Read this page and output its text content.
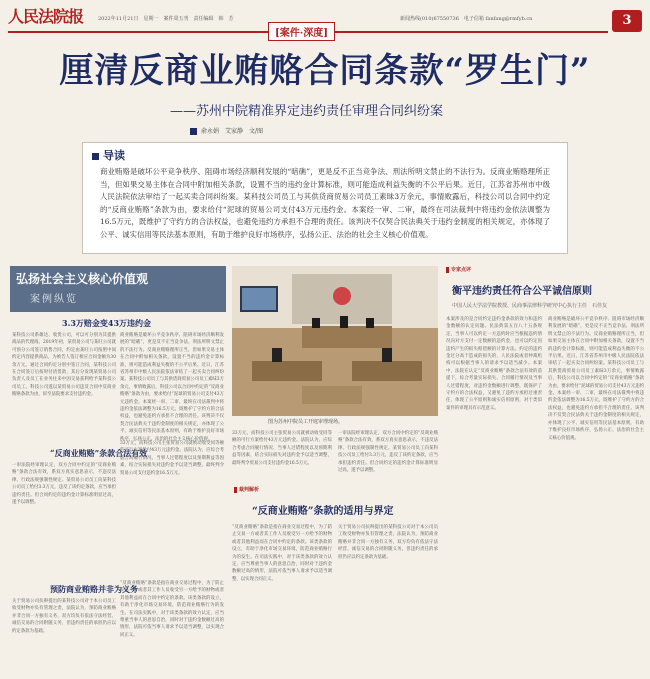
人民法院报	2022年11月21日　星期一　案件周五刊　责任编辑　韩　芳	新闻热线(010)67550736　电子信箱 fanfang@rmfyb.cn	3
[案件·深度]
厘清反商业贿赂合同条款“罗生门”
——苏州中院精准界定违约责任审理合同纠纷案
俞永娟　艾家静　文/图
导读
商业贿赂是破坏公平竞争秩序、阻碍市场经济顺利发展的“暗礁”，更是反不正当竞争法、刑法所明文禁止的不法行为。反商业贿赂理所正当，但如果交易主体在合同中附加相关条款，设置不当的违约金计算标准，则可能造成利益失衡的不公平后果。近日，江苏省苏州市中级人民法院依法审结了一起买卖合同纠纷案。某科技公司员工与其供货商贸易公司员工素昧3万余元，事情败露后，科技公司以合同中约定的“反商业贿赂”条款为由，要求给付“泥球的贸易公司支付43万元违约金。本案经一审、二审，最终在司法裁判中将违约金依法调整为16.5万元，既维护了守约方的合法权益，也避免违约方承担不合理的责任。该判决不仅契合民法典关于违约金制度的相关规定，亦体现了公平、诚实信用等民法基本原则，有助于维护良好市场秩序，弘扬公正、法治的社会主义核心价值观。
弘扬社会主义核心价值观
案例纵览
3.3万赔金变43万违约金
某科技公司系雄达、收货公司，可以可分别为其提供商品的代理商。2019年初，某贸易公司与某旺公司就可预分公司签订销售合同，约定由某旺公司按照中间约定内容提供商品，为被告人签订相应合同金额为30余万元。通过合同约定分别中签订合同，某科技公司在合同签订后按时付清货款，其后分发现某贸易公司负责人及员工在业务往来中因交易获利给予某科技公司员工。科技公司遂以某贸易公司违反合同中反商业贿赂条款为由，诉至法院要求支付违约金。
商业贿赂是破坏公平竞争秩序、阻碍市场经济顺利发展的“暗礁”，更是反不正当竞争法、刑法所明文禁止的不法行为。反商业贿赂理所正当，但如果交易主体在合同中附加相关条款，设置不当的违约金计算标准，则可能造成利益失衡的不公平后果。近日，江苏省苏州市中级人民法院依法审结了一起买卖合同纠纷案。某科技公司员工与其供货商贸易公司员工素昧3万余元，事情败露后，科技公司以合同中约定的“反商业贿赂”条款为由，要求给付“泥球的贸易公司支付43万元违约金。本案经一审、二审，最终在司法裁判中将违约金依法调整为16.5万元，既维护了守约方的合法权益，也避免违约方承担不合理的责任。该判决不仅契合民法典关于违约金制度的相关规定，亦体现了公平、诚实信用等民法基本原则，有助于维护良好市场秩序，弘扬公正、法治的社会主义核心价值观。
“反商业贿赂”条款合法有效
一审法院经审理认定，双方合同中约定的“反商业贿赂”条款合法有效，系双方真实意思表示，不违反法律、行政法规强制性规定。某贸易公司员工向某科技公司员工给付3.3万元，违反了该约定条款，应当承担违约责任。但合同约定的违约金计算标准明显过高，遂予以调整。
33万元，而科技公司主张贸易公司就被动收受同等额的可行方案给付43万元违约金。法院认为，应综合考虑合同履行情况、当事人过错程度以及预期利益等因素，结合实际损失对违约金予以适当调整，最终判令贸易公司支付违约金16.5万元。
预防商业贿赂并非为义务
关于贸易公司抗辩提出的某科技公司对于本公司员工收受财物亦负有管理之责，法院认为，预防商业贿赂并非合同一方独有义务，双方均负有依法守法经营、诚信交易的合同附随义务，但违约责任的承担仍应以约定条款为基础。
“反商业贿赂”条款是指在商业交易过程中，为了防止交易一方或者其工作人员收受另一方给予的财物或者其他利益而在合同中约定的条款。该类条款的设立，有助于净化市场交易环境，防范商业贿赂行为的发生。在司法实践中，对于该类条款的效力认定，应当尊重当事人的意思自治，同时对于违约金数额过高的情形，法院可依当事人请求予以适当调整，以实现合同正义。
图为苏州中院员工开庭审理现场。
33万元，而科技公司主张贸易公司就被动收受同等额的可行方案给付43万元违约金。法院认为，应综合考虑合同履行情况、当事人过错程度以及预期利益等因素，结合实际损失对违约金予以适当调整，最终判令贸易公司支付违约金16.5万元。
一审法院经审理认定，双方合同中约定的“反商业贿赂”条款合法有效，系双方真实意思表示，不违反法律、行政法规强制性规定。某贸易公司员工向某科技公司员工给付3.3万元，违反了该约定条款，应当承担违约责任。但合同约定的违约金计算标准明显过高，遂予以调整。
裁判解析
“反商业贿赂”条款的适用与界定
“反商业贿赂”条款是指在商业交易过程中，为了防止交易一方或者其工作人员收受另一方给予的财物或者其他利益而在合同中约定的条款。该类条款的设立，有助于净化市场交易环境，防范商业贿赂行为的发生。在司法实践中，对于该类条款的效力认定，应当尊重当事人的意思自治，同时对于违约金数额过高的情形，法院可依当事人请求予以适当调整，以实现合同正义。
关于贸易公司抗辩提出的某科技公司对于本公司员工收受财物亦负有管理之责，法院认为，预防商业贿赂并非合同一方独有义务，双方均负有依法守法经营、诚信交易的合同附随义务，但违约责任的承担仍应以约定条款为基础。
专家点评
衡平违约责任符合公平诚信原则
中国人民大学法学院教授、民商事法律科学研究中心执行主任　石佳友
本案涉及的是合同约定违约金条款的效力和违约金数额的认定问题。民法典第五百八十五条规定，当事人可以约定一方违约时应当根据违约情况向对方支付一定数额的违约金，也可以约定因违约产生的损失赔偿额的计算方法。约定的违约金过分高于造成的损失的，人民法院或者仲裁机构可以根据当事人的请求予以适当减少。本案中，法院在认定“反商业贿赂”条款合法有效的前提下，综合考量实际损失、合同履行情况及当事人过错程度，对违约金数额进行调整，既保护了守约方的合法权益，又避免了违约方承担过重责任，体现了公平原则和诚实信用原则，对于类似案件的审理具有示范意义。
商业贿赂是破坏公平竞争秩序、阻碍市场经济顺利发展的“暗礁”，更是反不正当竞争法、刑法所明文禁止的不法行为。反商业贿赂理所正当，但如果交易主体在合同中附加相关条款，设置不当的违约金计算标准，则可能造成利益失衡的不公平后果。近日，江苏省苏州市中级人民法院依法审结了一起买卖合同纠纷案。某科技公司员工与其供货商贸易公司员工素昧3万余元，事情败露后，科技公司以合同中约定的“反商业贿赂”条款为由，要求给付“泥球的贸易公司支付43万元违约金。本案经一审、二审，最终在司法裁判中将违约金依法调整为16.5万元，既维护了守约方的合法权益，也避免违约方承担不合理的责任。该判决不仅契合民法典关于违约金制度的相关规定，亦体现了公平、诚实信用等民法基本原则，有助于维护良好市场秩序，弘扬公正、法治的社会主义核心价值观。
